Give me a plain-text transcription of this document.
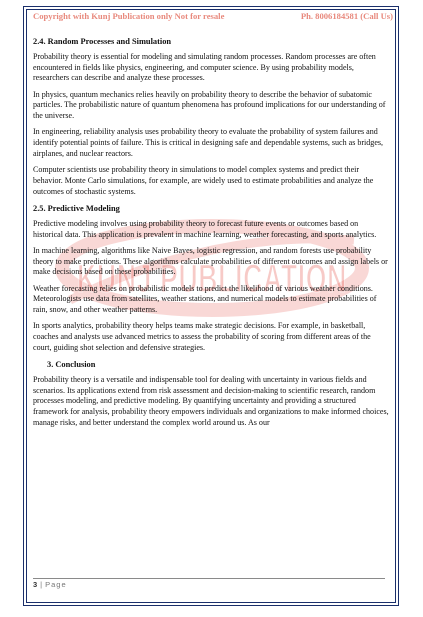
KUNJ PUBLICATION
Copyright with Kunj Publication only Not for resale	Ph. 8006184581 (Call Us)
2.4. Random Processes and Simulation

Probability theory is essential for modeling and simulating random processes. Random processes are often encountered in fields like physics, engineering, and computer science. By using probability models, researchers can describe and analyze these processes.

In physics, quantum mechanics relies heavily on probability theory to describe the behavior of subatomic particles. The probabilistic nature of quantum phenomena has profound implications for our understanding of the universe.

In engineering, reliability analysis uses probability theory to evaluate the probability of system failures and identify potential points of failure. This is critical in designing safe and dependable systems, such as bridges, airplanes, and nuclear reactors.

Computer scientists use probability theory in simulations to model complex systems and predict their behavior. Monte Carlo simulations, for example, are widely used to estimate probabilities and analyze the outcomes of stochastic systems.

2.5. Predictive Modeling

Predictive modeling involves using probability theory to forecast future events or outcomes based on historical data. This application is prevalent in machine learning, weather forecasting, and sports analytics.

In machine learning, algorithms like Naive Bayes, logistic regression, and random forests use probability theory to make predictions. These algorithms calculate probabilities of different outcomes and assign labels or make decisions based on these probabilities.

Weather forecasting relies on probabilistic models to predict the likelihood of various weather conditions. Meteorologists use data from satellites, weather stations, and numerical models to estimate probabilities of rain, snow, and other weather patterns.

In sports analytics, probability theory helps teams make strategic decisions. For example, in basketball, coaches and analysts use advanced metrics to assess the probability of scoring from different areas of the court, guiding shot selection and defensive strategies.

3. Conclusion

Probability theory is a versatile and indispensable tool for dealing with uncertainty in various fields and scenarios. Its applications extend from risk assessment and decision-making to scientific research, random processes modeling, and predictive modeling. By quantifying uncertainty and providing a structured framework for analysis, probability theory empowers individuals and organizations to make informed choices, manage risks, and better understand the complex world around us. As our

3 | Page
